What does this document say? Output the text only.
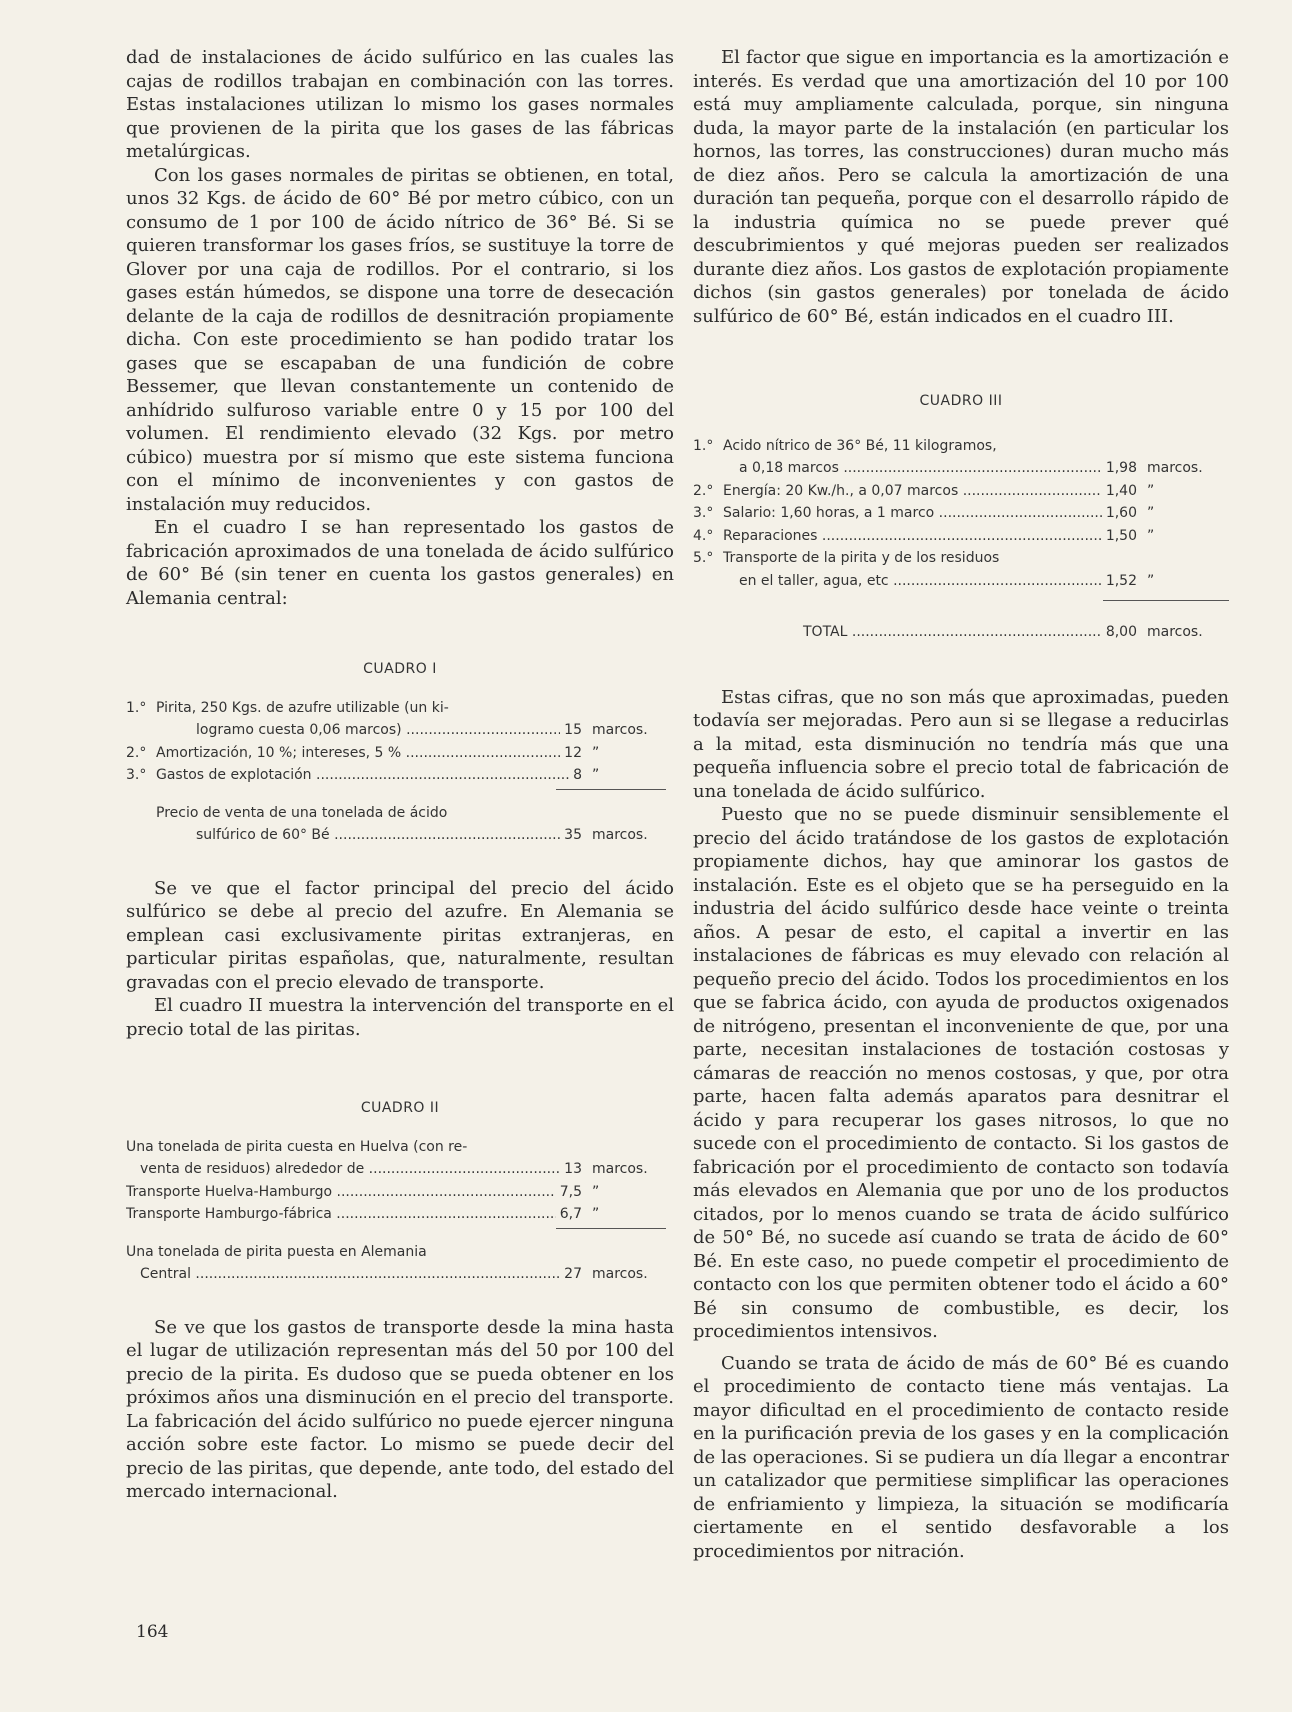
dad de instalaciones de ácido sulfúrico en las cuales las cajas de rodillos trabajan en combinación con las torres. Estas instalaciones utilizan lo mismo los gases normales que provienen de la pirita que los gases de las fábricas metalúrgicas.

Con los gases normales de piritas se obtienen, en total, unos 32 Kgs. de ácido de 60° Bé por metro cúbico, con un consumo de 1 por 100 de ácido nítrico de 36° Bé. Si se quieren transformar los gases fríos, se sustituye la torre de Glover por una caja de rodillos. Por el contrario, si los gases están húmedos, se dispone una torre de desecación delante de la caja de rodillos de desnitración propiamente dicha. Con este procedimiento se han podido tratar los gases que se escapaban de una fundición de cobre Bessemer, que llevan constantemente un contenido de anhídrido sulfuroso variable entre 0 y 15 por 100 del volumen. El rendimiento elevado (32 Kgs. por metro cúbico) muestra por sí mismo que este sistema funciona con el mínimo de inconvenientes y con gastos de instalación muy reducidos.

En el cuadro I se han representado los gastos de fabricación aproximados de una tonelada de ácido sulfúrico de 60° Bé (sin tener en cuenta los gastos generales) en Alemania central:

CUADRO I

1.° Pirita, 250 Kgs. de azufre utilizable (un ki-
logramo cuesta 0,06 marcos) .....	15 marcos.
2.° Amortización, 10 %; intereses, 5 % .....	12 ”
3.° Gastos de explotación .....	8 ”
Precio de venta de una tonelada de ácido
sulfúrico de 60° Bé .....	35 marcos.

Se ve que el factor principal del precio del ácido sulfúrico se debe al precio del azufre. En Alemania se emplean casi exclusivamente piritas extranjeras, en particular piritas españolas, que, naturalmente, resultan gravadas con el precio elevado de transporte.

El cuadro II muestra la intervención del transporte en el precio total de las piritas.

CUADRO II

Una tonelada de pirita cuesta en Huelva (con re-
venta de residuos) alrededor de .....	13 marcos.
Transporte Huelva-Hamburgo .....	7,5 ”
Transporte Hamburgo-fábrica .....	6,7 ”
Una tonelada de pirita puesta en Alemania
Central .....	27 marcos.

Se ve que los gastos de transporte desde la mina hasta el lugar de utilización representan más del 50 por 100 del precio de la pirita. Es dudoso que se pueda obtener en los próximos años una disminución en el precio del transporte. La fabricación del ácido sulfúrico no puede ejercer ninguna acción sobre este factor. Lo mismo se puede decir del precio de las piritas, que depende, ante todo, del estado del mercado internacional.

El factor que sigue en importancia es la amortización e interés. Es verdad que una amortización del 10 por 100 está muy ampliamente calculada, porque, sin ninguna duda, la mayor parte de la instalación (en particular los hornos, las torres, las construcciones) duran mucho más de diez años. Pero se calcula la amortización de una duración tan pequeña, porque con el desarrollo rápido de la industria química no se puede prever qué descubrimientos y qué mejoras pueden ser realizados durante diez años. Los gastos de explotación propiamente dichos (sin gastos generales) por tonelada de ácido sulfúrico de 60° Bé, están indicados en el cuadro III.

CUADRO III

1.° Acido nítrico de 36° Bé, 11 kilogramos,
a 0,18 marcos .....	1,98 marcos.
2.° Energía: 20 Kw./h., a 0,07 marcos .....	1,40 ”
3.° Salario: 1,60 horas, a 1 marco .....	1,60 ”
4.° Reparaciones .....	1,50 ”
5.° Transporte de la pirita y de los residuos
en el taller, agua, etc .....	1,52 ”
TOTAL .....	8,00 marcos.

Estas cifras, que no son más que aproximadas, pueden todavía ser mejoradas. Pero aun si se llegase a reducirlas a la mitad, esta disminución no tendría más que una pequeña influencia sobre el precio total de fabricación de una tonelada de ácido sulfúrico.

Puesto que no se puede disminuir sensiblemente el precio del ácido tratándose de los gastos de explotación propiamente dichos, hay que aminorar los gastos de instalación. Este es el objeto que se ha perseguido en la industria del ácido sulfúrico desde hace veinte o treinta años. A pesar de esto, el capital a invertir en las instalaciones de fábricas es muy elevado con relación al pequeño precio del ácido. Todos los procedimientos en los que se fabrica ácido, con ayuda de productos oxigenados de nitrógeno, presentan el inconveniente de que, por una parte, necesitan instalaciones de tostación costosas y cámaras de reacción no menos costosas, y que, por otra parte, hacen falta además aparatos para desnitrar el ácido y para recuperar los gases nitrosos, lo que no sucede con el procedimiento de contacto. Si los gastos de fabricación por el procedimiento de contacto son todavía más elevados en Alemania que por uno de los productos citados, por lo menos cuando se trata de ácido sulfúrico de 50° Bé, no sucede así cuando se trata de ácido de 60° Bé. En este caso, no puede competir el procedimiento de contacto con los que permiten obtener todo el ácido a 60° Bé sin consumo de combustible, es decir, los procedimientos intensivos.

Cuando se trata de ácido de más de 60° Bé es cuando el procedimiento de contacto tiene más ventajas. La mayor dificultad en el procedimiento de contacto reside en la purificación previa de los gases y en la complicación de las operaciones. Si se pudiera un día llegar a encontrar un catalizador que permitiese simplificar las operaciones de enfriamiento y limpieza, la situación se modificaría ciertamente en el sentido desfavorable a los procedimientos por nitración.

164
